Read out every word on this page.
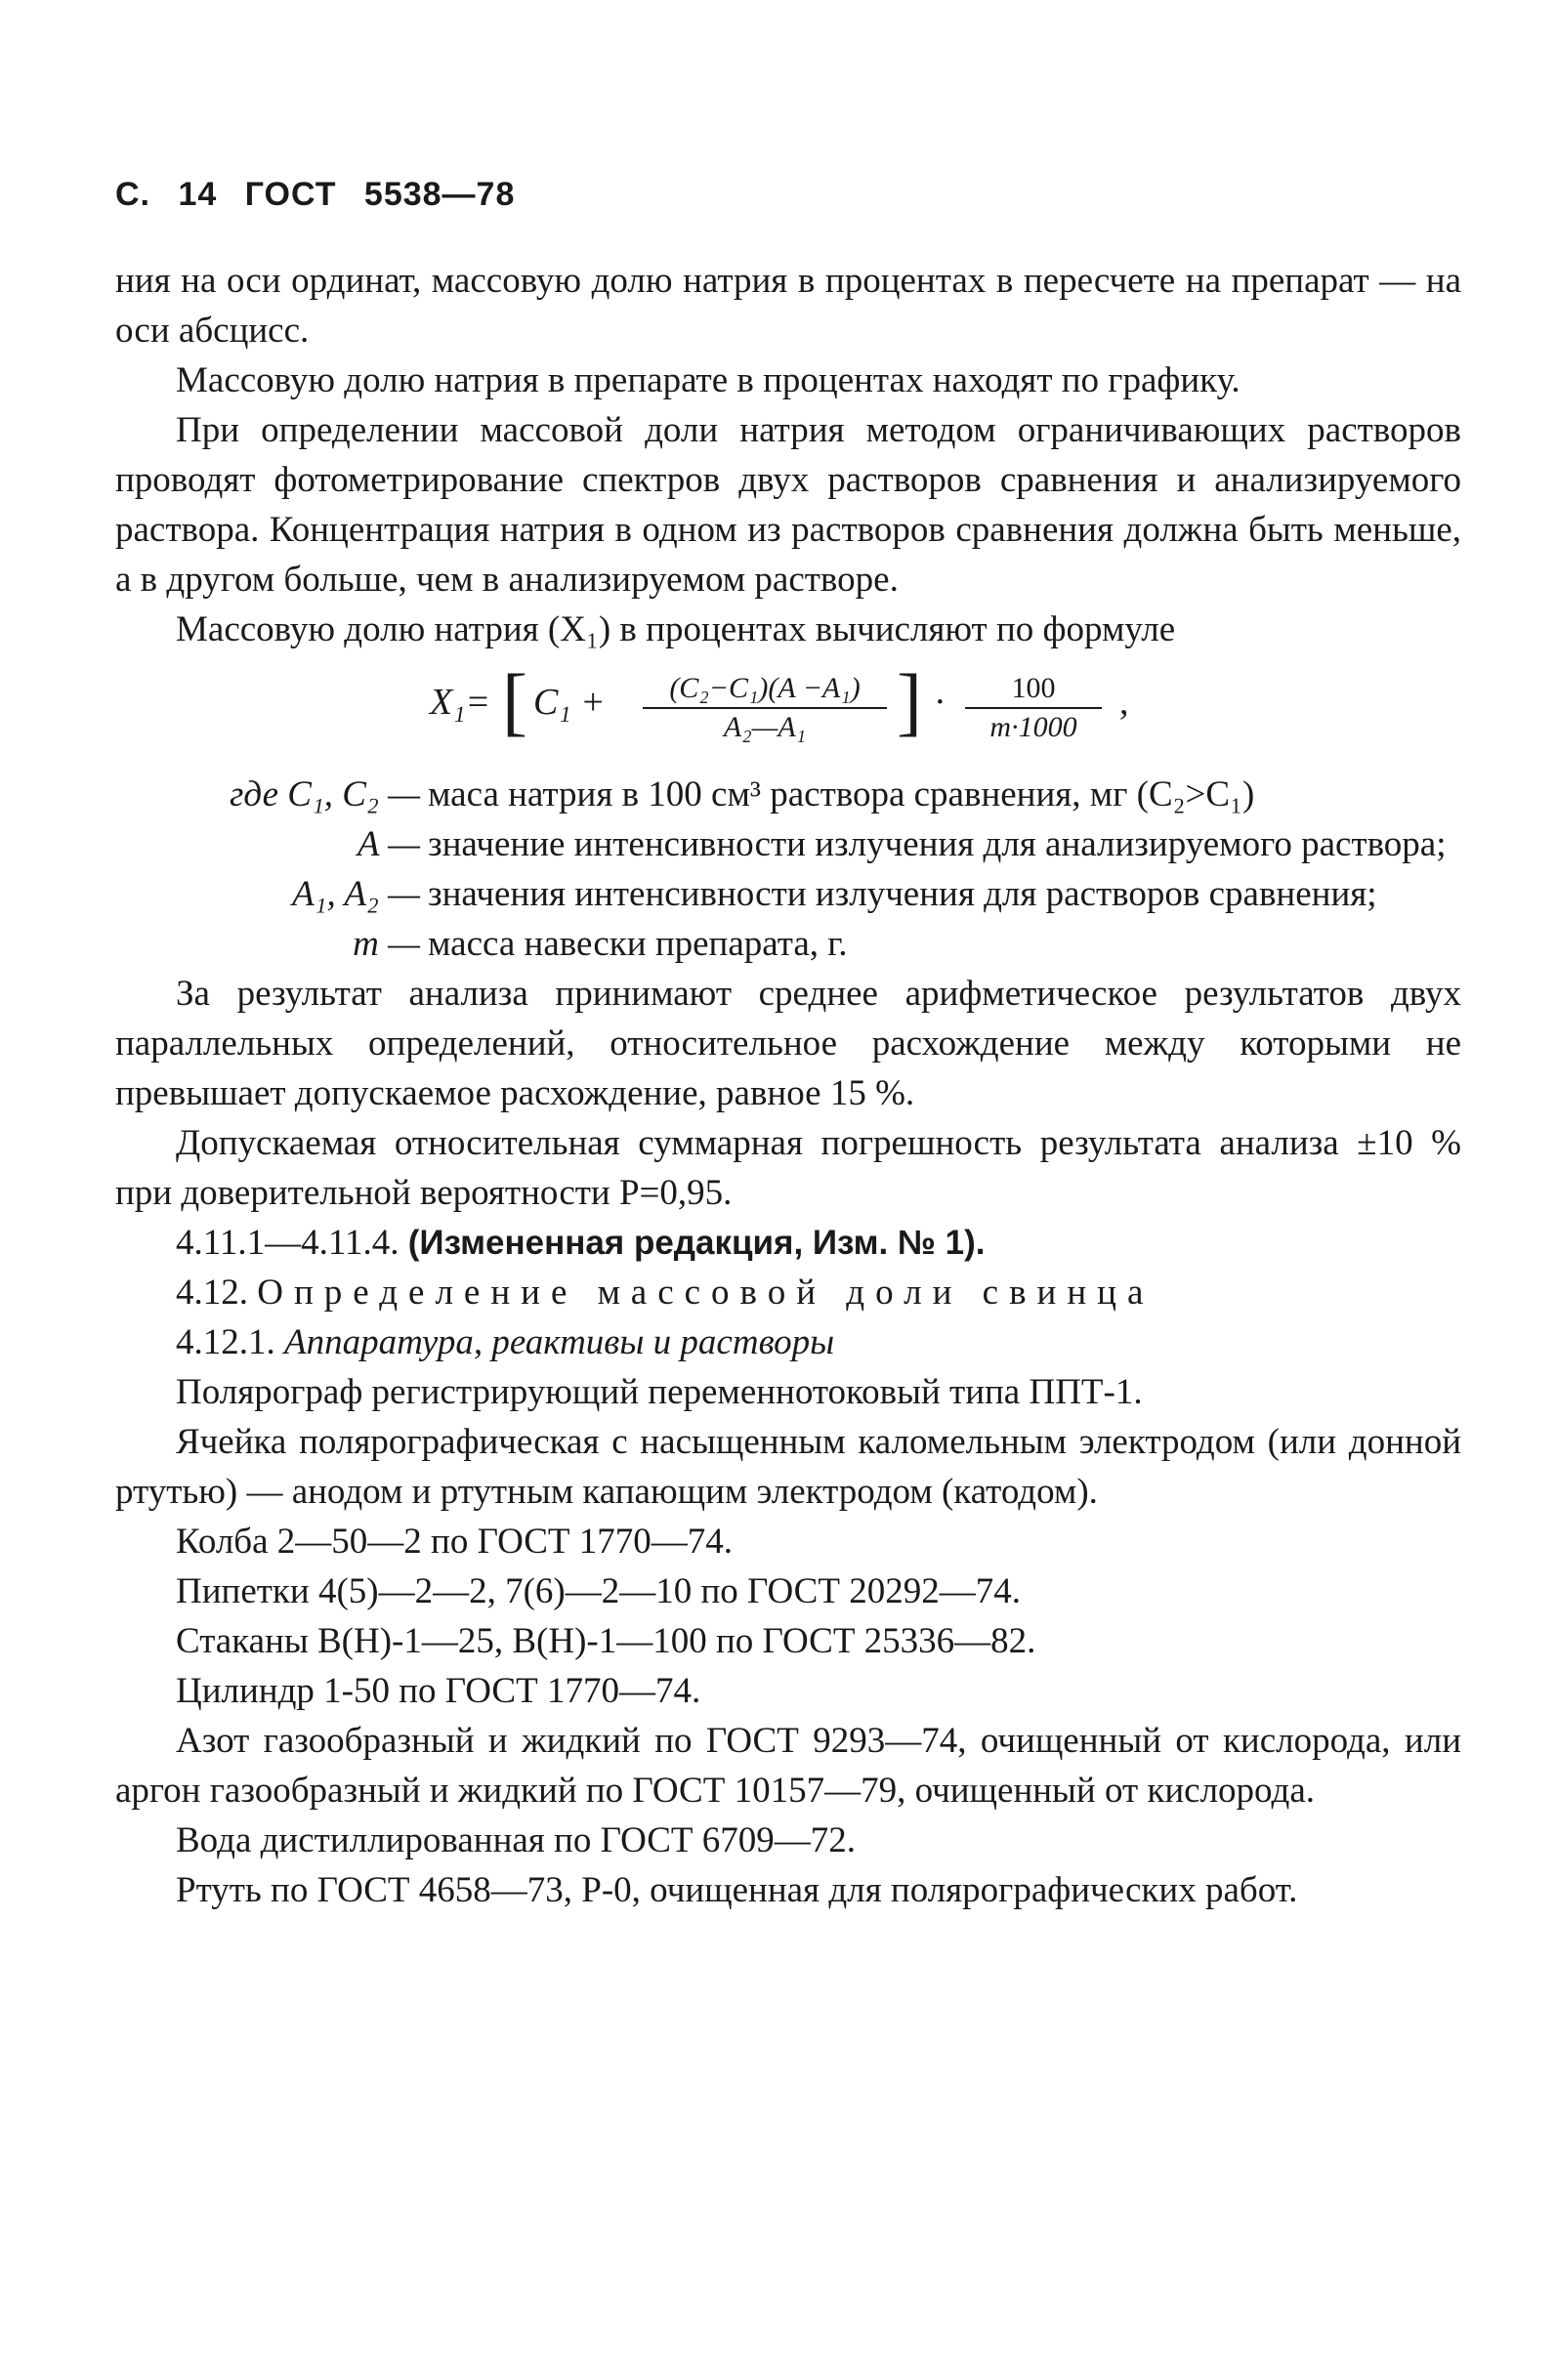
С. 14 ГОСТ 5538—78

ния на оси ординат, массовую долю натрия в процентах в пересчете на препарат — на оси абсцисс.

Массовую долю натрия в препарате в процентах находят по графику.

При определении массовой доли натрия методом ограничивающих растворов проводят фотометрирование спектров двух растворов сравнения и анализируемого раствора. Концентрация натрия в одном из растворов сравнения должна быть меньше, а в другом больше, чем в анализируемом растворе.

Массовую долю натрия (X₁) в процентах вычисляют по формуле

X₁= [ $C_1 + \frac{\text{(C₂−C₁)(A −A₁)}}{\text{A₂—A₁}}$ ] · $\frac{100}{m\cdot 1000}$ ,
где C₁, C₂ — маса натрия в 100 см³ раствора сравнения, мг (C₂>C₁)
A — значение интенсивности излучения для анализируемого раствора;
A₁, A₂ — значения интенсивности излучения для растворов сравнения;
m — масса навески препарата, г.

За результат анализа принимают среднее арифметическое результатов двух параллельных определений, относительное расхождение между которыми не превышает допускаемое расхождение, равное 15 %.

Допускаемая относительная суммарная погрешность результата анализа ±10 % при доверительной вероятности P=0,95.

4.11.1—4.11.4. (Измененная редакция, Изм. № 1).

4.12. Определение массовой доли свинца

4.12.1. Аппаратура, реактивы и растворы

Полярограф регистрирующий переменнотоковый типа ППТ-1.

Ячейка полярографическая с насыщенным каломельным электродом (или донной ртутью) — анодом и ртутным капающим электродом (катодом).

Колба 2—50—2 по ГОСТ 1770—74.

Пипетки 4(5)—2—2, 7(6)—2—10 по ГОСТ 20292—74.

Стаканы В(Н)-1—25, В(Н)-1—100 по ГОСТ 25336—82.

Цилиндр 1-50 по ГОСТ 1770—74.

Азот газообразный и жидкий по ГОСТ 9293—74, очищенный от кислорода, или аргон газообразный и жидкий по ГОСТ 10157—79, очищенный от кислорода.

Вода дистиллированная по ГОСТ 6709—72.

Ртуть по ГОСТ 4658—73, Р-0, очищенная для полярографических работ.
